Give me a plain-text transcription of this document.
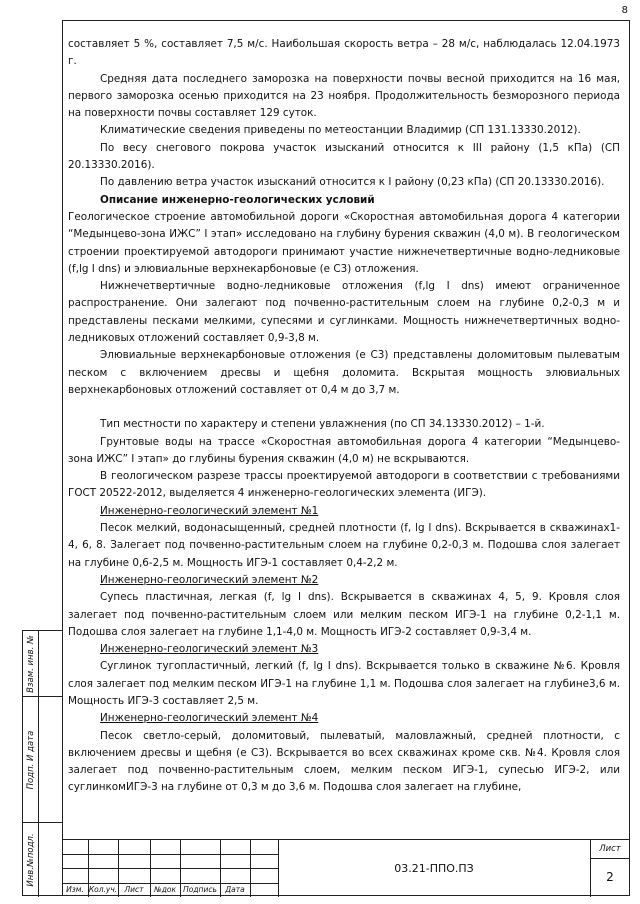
8
Взам. инв. №
Подп. И дата
Инв.№подл.

составляет 5 %, составляет 7,5 м/с. Наибольшая скорость ветра – 28 м/с, наблюдалась 12.04.1973 г.

Средняя дата последнего заморозка на поверхности почвы весной приходится на 16 мая, первого заморозка осенью приходится на 23 ноября. Продолжительность безморозного периода на поверхности почвы составляет 129 суток.

Климатические сведения приведены по метеостанции Владимир (СП 131.13330.2012).

По весу снегового покрова участок изысканий относится к III району (1,5 кПа) (СП 20.13330.2016).

По давлению ветра участок изысканий относится к I району (0,23 кПа) (СП 20.13330.2016).

Описание инженерно-геологических условий

Геологическое строение автомобильной дороги «Скоростная автомобильная дорога 4 категории “Медынцево-зона ИЖС” I этап» исследовано на глубину бурения скважин (4,0 м). В геологическом строении проектируемой автодороги принимают участие нижнечетвертичные водно-ледниковые (f,lg I dns) и элювиальные верхнекарбоновые (e C3) отложения.

Нижнечетвертичные водно-ледниковые отложения (f,lg I dns) имеют ограниченное распространение. Они залегают под почвенно-растительным слоем на глубине 0,2-0,3 м и представлены песками мелкими, супесями и суглинками. Мощность нижнечетвертичных водно-ледниковых отложений составляет 0,9-3,8 м.

Элювиальные верхнекарбоновые отложения (e C3) представлены доломитовым пылеватым песком с включением дресвы и щебня доломита. Вскрытая мощность элювиальных верхнекарбоновых отложений составляет от 0,4 м до 3,7 м.

Тип местности по характеру и степени увлажнения (по СП 34.13330.2012) – 1-й.

Грунтовые воды на трассе «Скоростная автомобильная дорога 4 категории “Медынцево-зона ИЖС” I этап» до глубины бурения скважин (4,0 м) не вскрываются.

В геологическом разрезе трассы проектируемой автодороги в соответствии с требованиями ГОСТ 20522-2012, выделяется 4 инженерно-геологических элемента (ИГЭ).

Инженерно-геологический элемент №1

Песок мелкий, водонасыщенный, средней плотности (f, lg I dns). Вскрывается в скважинах1-4, 6, 8. Залегает под почвенно-растительным слоем на глубине 0,2-0,3 м. Подошва слоя залегает на глубине 0,6-2,5 м. Мощность ИГЭ-1 составляет 0,4-2,2 м.

Инженерно-геологический элемент №2

Супесь пластичная, легкая (f, lg I dns). Вскрывается в скважинах 4, 5, 9. Кровля слоя залегает под почвенно-растительным слоем или мелким песком ИГЭ-1 на глубине 0,2-1,1 м. Подошва слоя залегает на глубине 1,1-4,0 м. Мощность ИГЭ-2 составляет 0,9-3,4 м.

Инженерно-геологический элемент №3

Суглинок тугопластичный, легкий (f, lg I dns). Вскрывается только в скважине №6. Кровля слоя залегает под мелким песком ИГЭ-1 на глубине 1,1 м. Подошва слоя залегает на глубине3,6 м. Мощность ИГЭ-3 составляет 2,5 м.

Инженерно-геологический элемент №4

Песок светло-серый, доломитовый, пылеватый, маловлажный, средней плотности, с включением дресвы и щебня (e C3). Вскрывается во всех скважинах кроме скв. №4. Кровля слоя залегает под почвенно-растительным слоем, мелким песком ИГЭ-1, супесью ИГЭ-2, или суглинкомИГЭ-3 на глубине от 0,3 м до 3,6 м. Подошва слоя залегает на глубине,

Изм. Кол.уч. Лист	№док Подпись	Дата
03.21-ППО.ПЗ
Лист
2
